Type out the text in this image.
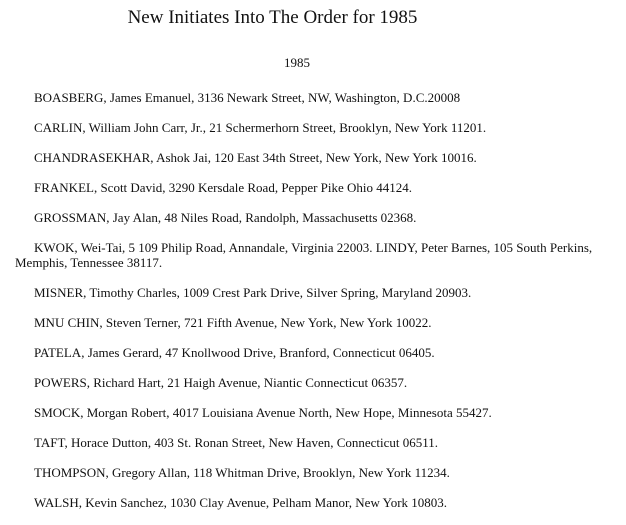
New Initiates Into The Order for 1985
1985

BOASBERG, James Emanuel, 3136 Newark Street, NW, Washington, D.C.20008

CARLIN, William John Carr, Jr., 21 Schermerhorn Street, Brooklyn, New York 11201.

CHANDRASEKHAR, Ashok Jai, 120 East 34th Street, New York, New York 10016.

FRANKEL, Scott David, 3290 Kersdale Road, Pepper Pike Ohio 44124.

GROSSMAN, Jay Alan, 48 Niles Road, Randolph, Massachusetts 02368.

KWOK, Wei-Tai, 5 109 Philip Road, Annandale, Virginia 22003. LINDY, Peter Barnes, 105 South Perkins, Memphis, Tennessee 38117.

MISNER, Timothy Charles, 1009 Crest Park Drive, Silver Spring, Maryland 20903.

MNU CHIN, Steven Terner, 721 Fifth Avenue, New York, New York 10022.

PATELA, James Gerard, 47 Knollwood Drive, Branford, Connecticut 06405.

POWERS, Richard Hart, 21 Haigh Avenue, Niantic Connecticut 06357.

SMOCK, Morgan Robert, 4017 Louisiana Avenue North, New Hope, Minnesota 55427.

TAFT, Horace Dutton, 403 St. Ronan Street, New Haven, Connecticut 06511.

THOMPSON, Gregory Allan, 118 Whitman Drive, Brooklyn, New York 11234.

WALSH, Kevin Sanchez, 1030 Clay Avenue, Pelham Manor, New York 10803.
